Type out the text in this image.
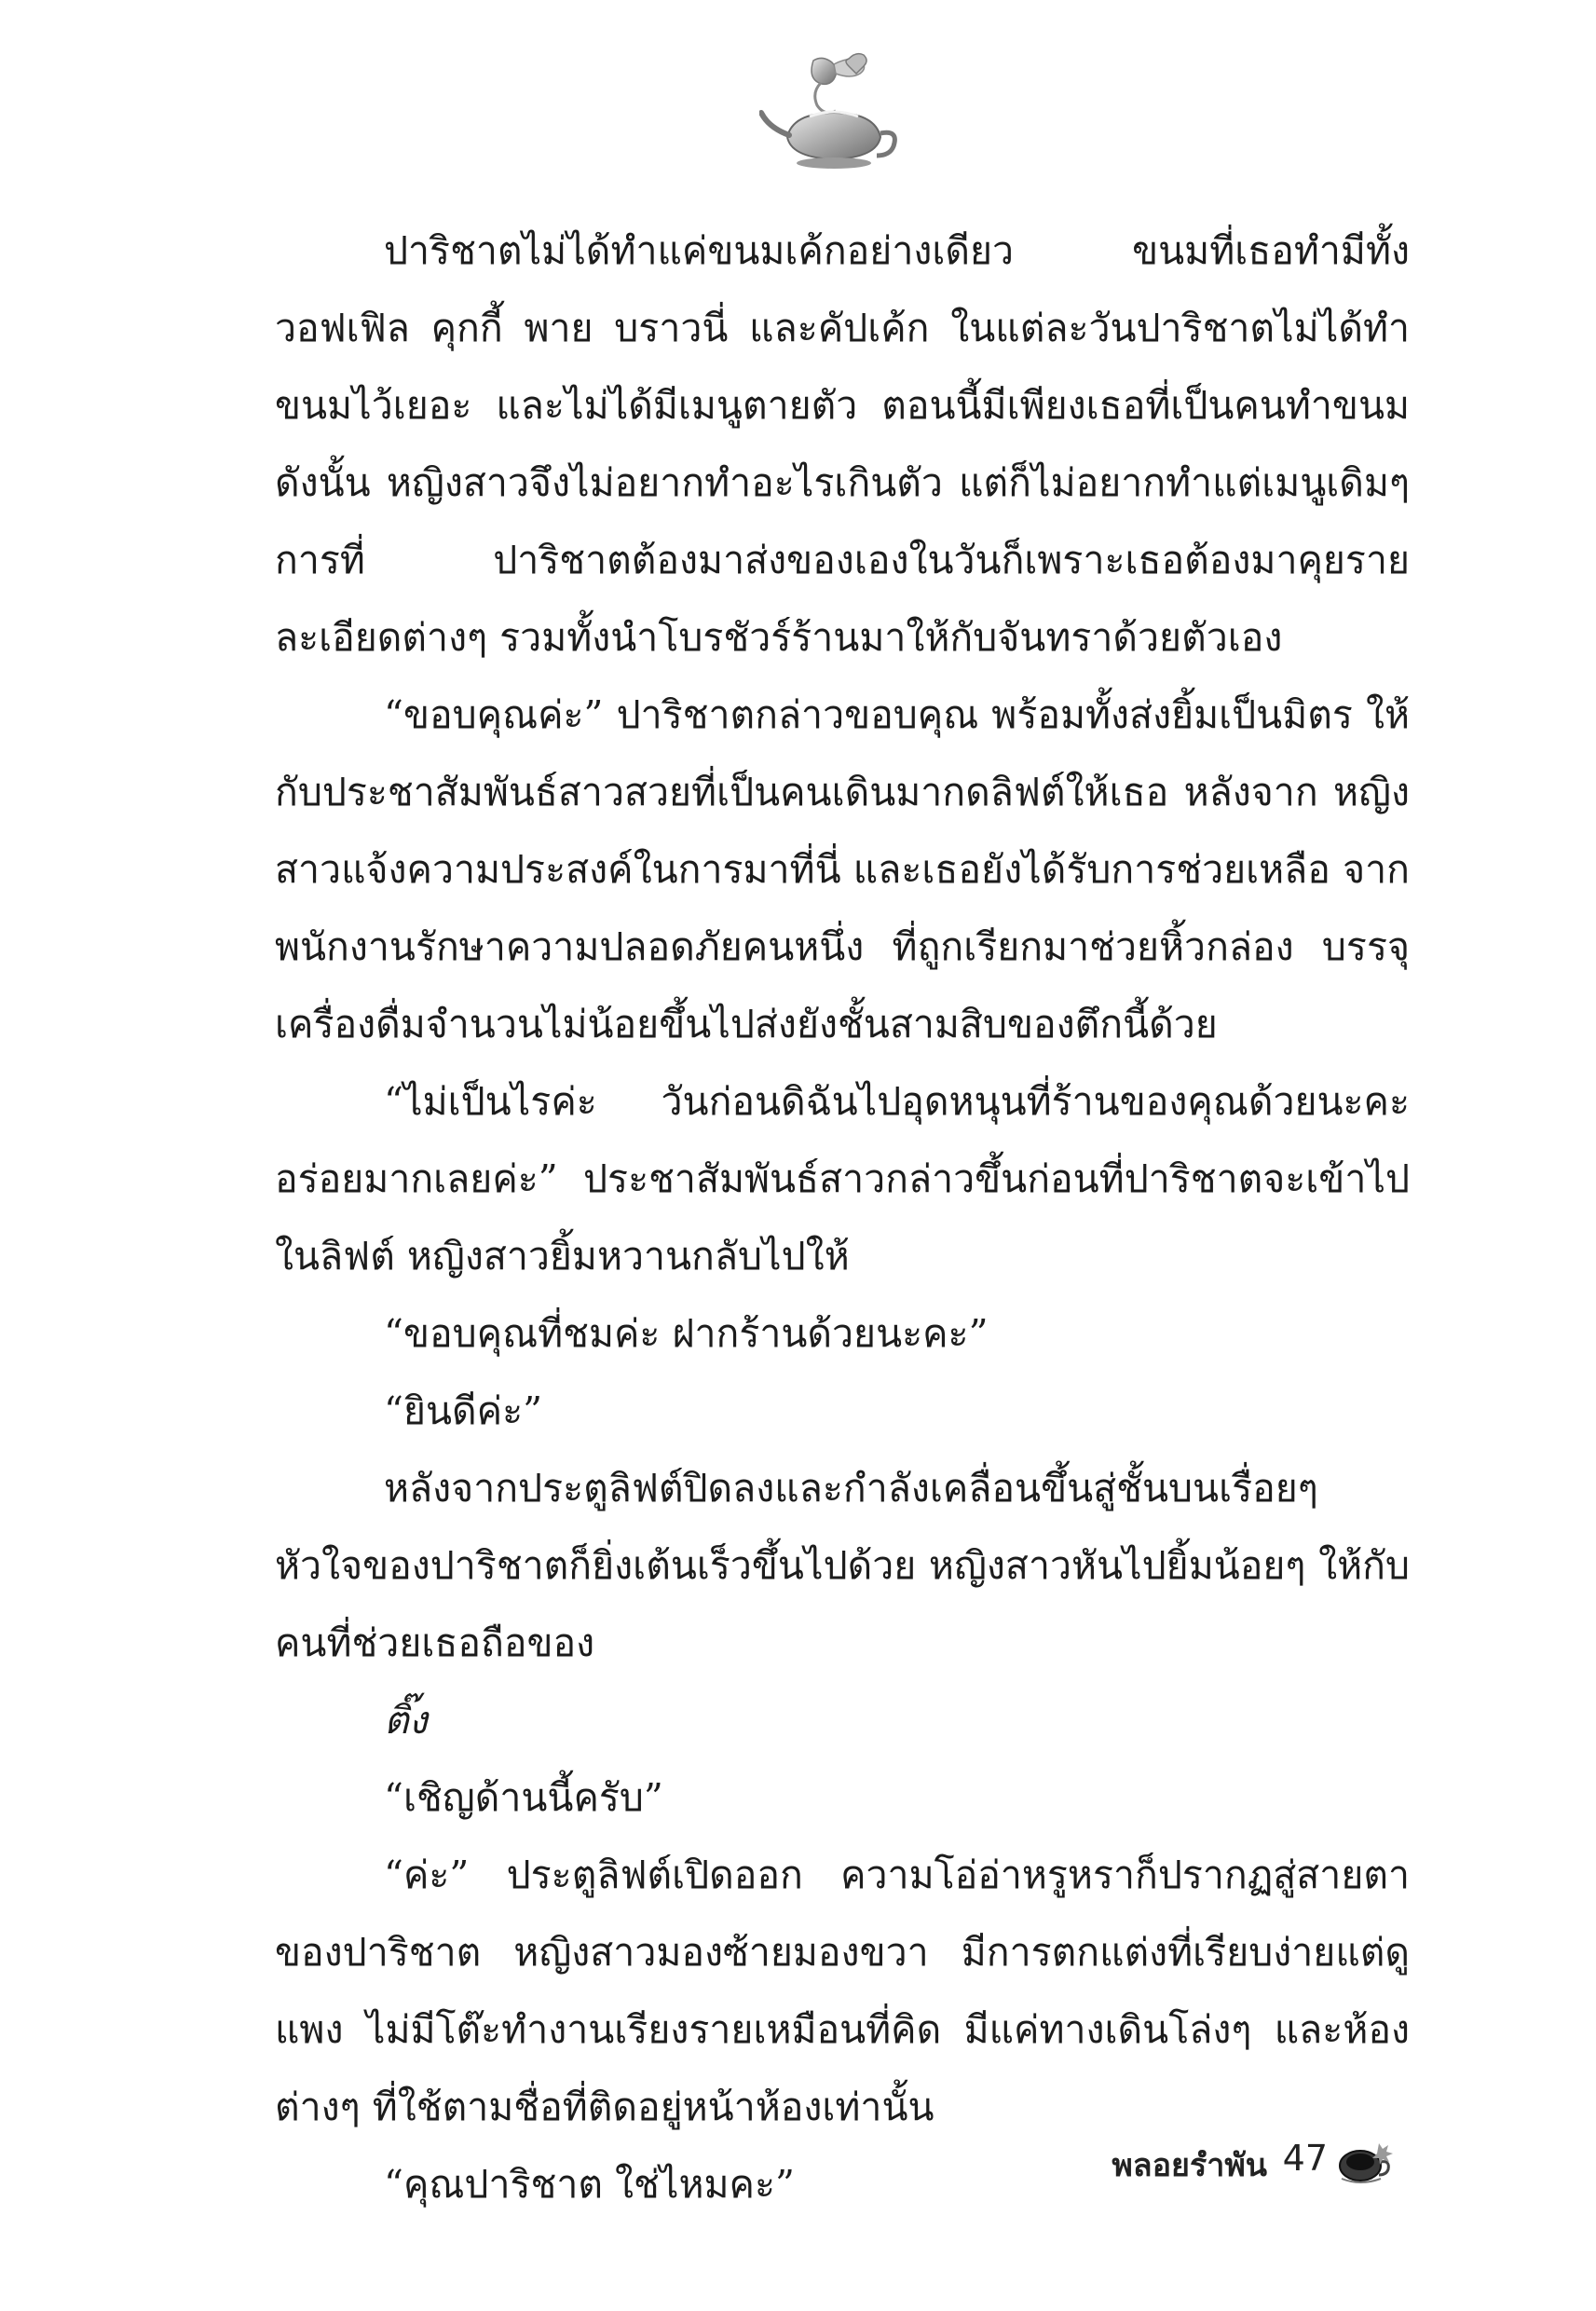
ปาริชาตไม่ได้ทำแค่ขนมเค้กอย่างเดียว ขนมที่เธอทำมีทั้งวอฟเฟิล คุกกี้ พาย บราวนี่ และคัปเค้ก ในแต่ละวันปาริชาตไม่ได้ทำขนมไว้เยอะ และไม่ได้มีเมนูตายตัว ตอนนี้มีเพียงเธอที่เป็นคนทำขนม ดังนั้น หญิงสาวจึงไม่อยากทำอะไรเกินตัว แต่ก็ไม่อยากทำแต่เมนูเดิมๆ การที่ ปาริชาตต้องมาส่งของเองในวันก็เพราะเธอต้องมาคุยรายละเอียดต่างๆ รวมทั้งนำโบรชัวร์ร้านมาให้กับจันทราด้วยตัวเอง

“ขอบคุณค่ะ” ปาริชาตกล่าวขอบคุณ พร้อมทั้งส่งยิ้มเป็นมิตร ให้กับประชาสัมพันธ์สาวสวยที่เป็นคนเดินมากดลิฟต์ให้เธอ หลังจาก หญิงสาวแจ้งความประสงค์ในการมาที่นี่ และเธอยังได้รับการช่วยเหลือ จากพนักงานรักษาความปลอดภัยคนหนึ่ง ที่ถูกเรียกมาช่วยหิ้วกล่อง บรรจุเครื่องดื่มจำนวนไม่น้อยขึ้นไปส่งยังชั้นสามสิบของตึกนี้ด้วย

“ไม่เป็นไรค่ะ วันก่อนดิฉันไปอุดหนุนที่ร้านของคุณด้วยนะคะ อร่อยมากเลยค่ะ” ประชาสัมพันธ์สาวกล่าวขึ้นก่อนที่ปาริชาตจะเข้าไป ในลิฟต์ หญิงสาวยิ้มหวานกลับไปให้

“ขอบคุณที่ชมค่ะ ฝากร้านด้วยนะคะ”

“ยินดีค่ะ”

หลังจากประตูลิฟต์ปิดลงและกำลังเคลื่อนขึ้นสู่ชั้นบนเรื่อยๆ หัวใจของปาริชาตก็ยิ่งเต้นเร็วขึ้นไปด้วย หญิงสาวหันไปยิ้มน้อยๆ ให้กับ คนที่ช่วยเธอถือของ

ติ๊ง

“เชิญด้านนี้ครับ”

“ค่ะ” ประตูลิฟต์เปิดออก ความโอ่อ่าหรูหราก็ปรากฏสู่สายตา ของปาริชาต หญิงสาวมองซ้ายมองขวา มีการตกแต่งที่เรียบง่ายแต่ดูแพง ไม่มีโต๊ะทำงานเรียงรายเหมือนที่คิด มีแค่ทางเดินโล่งๆ และห้องต่างๆ ที่ใช้ตามชื่อที่ติดอยู่หน้าห้องเท่านั้น

“คุณปาริชาต ใช่ไหมคะ”	พลอยรำพัน 47
